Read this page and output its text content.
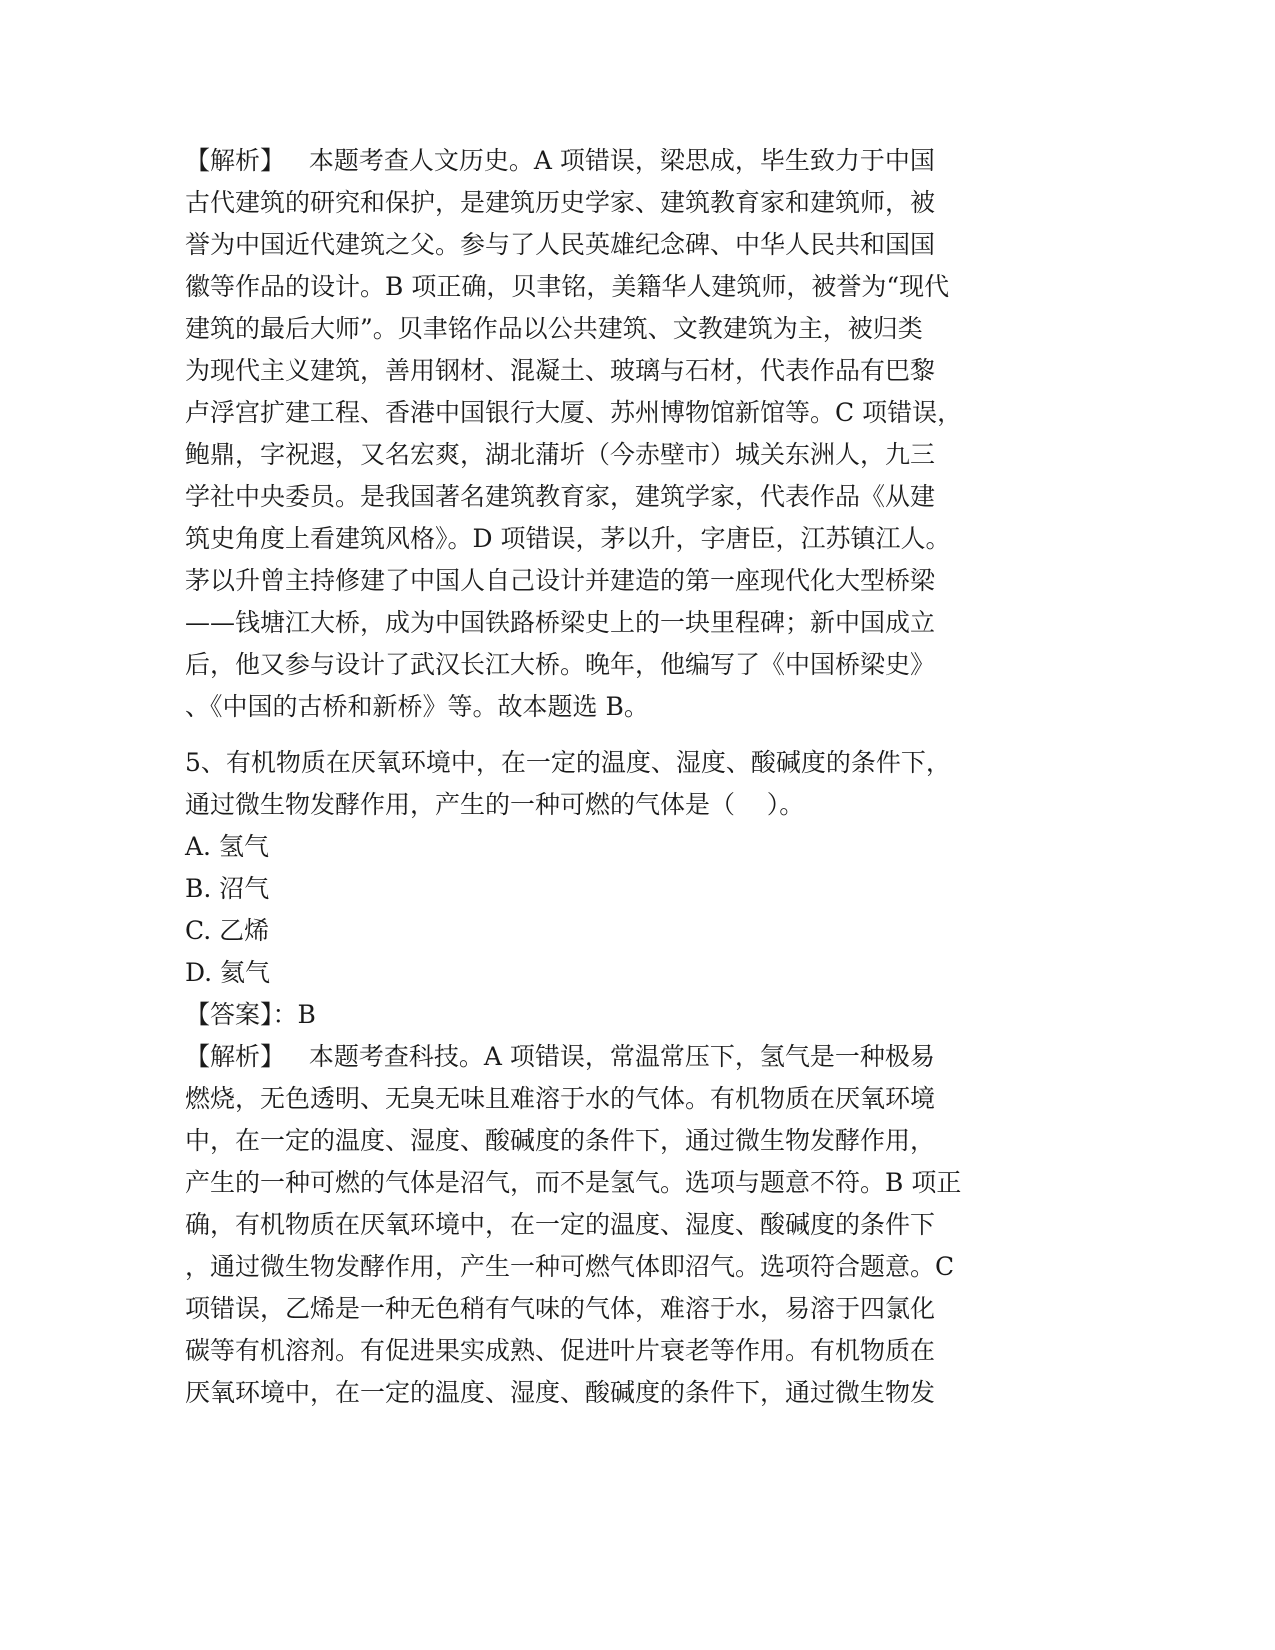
【解析】   本题考查人文历史。A 项错误，梁思成，毕生致力于中国
古代建筑的研究和保护，是建筑历史学家、建筑教育家和建筑师，被
誉为中国近代建筑之父。参与了人民英雄纪念碑、中华人民共和国国
徽等作品的设计。B 项正确，贝聿铭，美籍华人建筑师，被誉为“现代
建筑的最后大师”。贝聿铭作品以公共建筑、文教建筑为主，被归类
为现代主义建筑，善用钢材、混凝土、玻璃与石材，代表作品有巴黎
卢浮宫扩建工程、香港中国银行大厦、苏州博物馆新馆等。C 项错误，
鲍鼎，字祝遐，又名宏爽，湖北蒲圻（今赤壁市）城关东洲人，九三
学社中央委员。是我国著名建筑教育家，建筑学家，代表作品《从建
筑史角度上看建筑风格》。D 项错误，茅以升，字唐臣，江苏镇江人。
茅以升曾主持修建了中国人自己设计并建造的第一座现代化大型桥梁
——钱塘江大桥，成为中国铁路桥梁史上的一块里程碑；新中国成立
后，他又参与设计了武汉长江大桥。晚年，他编写了《中国桥梁史》
、《中国的古桥和新桥》等。故本题选 B。
5、有机物质在厌氧环境中，在一定的温度、湿度、酸碱度的条件下，
通过微生物发酵作用，产生的一种可燃的气体是（    ）。
A. 氢气
B. 沼气
C. 乙烯
D. 氦气
【答案】：B
【解析】   本题考查科技。A 项错误，常温常压下，氢气是一种极易
燃烧，无色透明、无臭无味且难溶于水的气体。有机物质在厌氧环境
中，在一定的温度、湿度、酸碱度的条件下，通过微生物发酵作用，
产生的一种可燃的气体是沼气，而不是氢气。选项与题意不符。B 项正
确，有机物质在厌氧环境中，在一定的温度、湿度、酸碱度的条件下
，通过微生物发酵作用，产生一种可燃气体即沼气。选项符合题意。C
项错误，乙烯是一种无色稍有气味的气体，难溶于水，易溶于四氯化
碳等有机溶剂。有促进果实成熟、促进叶片衰老等作用。有机物质在
厌氧环境中，在一定的温度、湿度、酸碱度的条件下，通过微生物发
